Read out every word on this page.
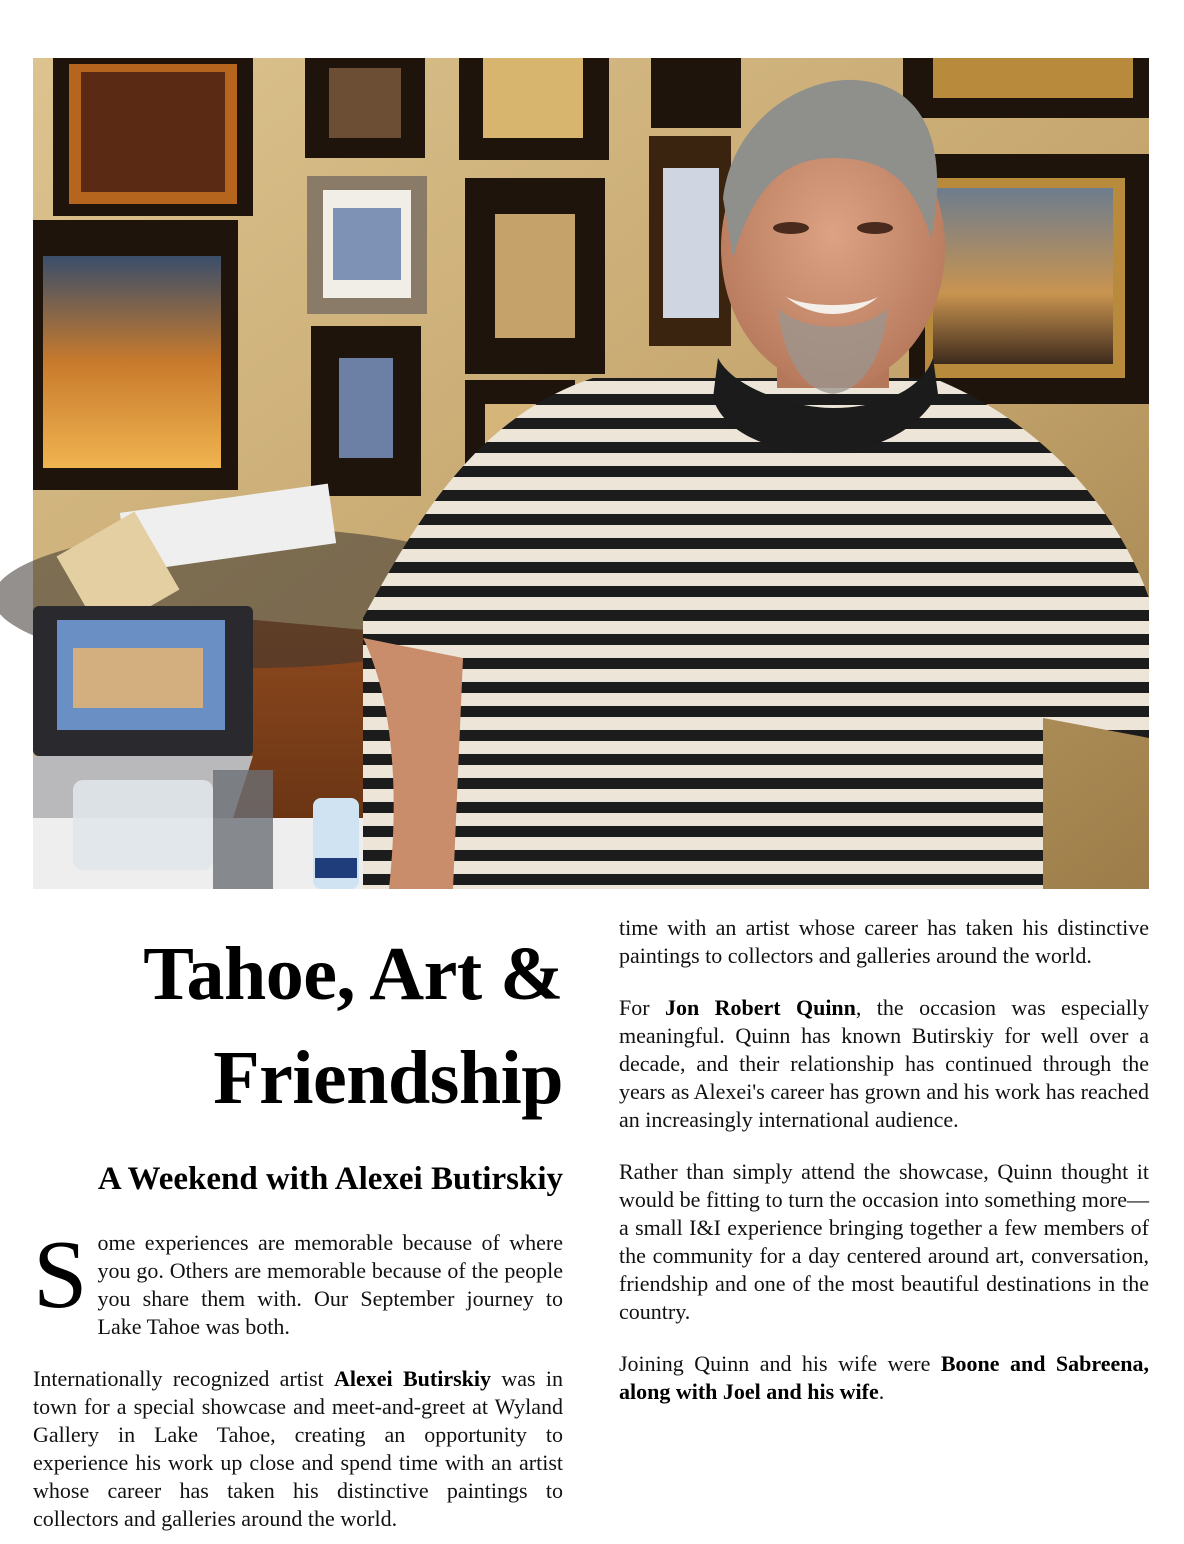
Tahoe, Art &
Friendship
A Weekend with Alexei Butirskiy

Some experiences are memorable because of where you go. Others are memorable because of the people you share them with. Our September journey to Lake Tahoe was both.

Internationally recognized artist Alexei Butirskiy was in town for a special showcase and meet-and-greet at Wyland Gallery in Lake Tahoe, creating an opportunity to experience his work up close and spend time with an artist whose career has taken his distinctive paintings to collectors and galleries around the world.

time with an artist whose career has taken his distinctive paintings to collectors and galleries around the world.

For Jon Robert Quinn, the occasion was especially meaningful. Quinn has known Butirskiy for well over a decade, and their relationship has continued through the years as Alexei's career has grown and his work has reached an increasingly international audience.

Rather than simply attend the showcase, Quinn thought it would be fitting to turn the occasion into something more—a small I&I experience bringing together a few members of the community for a day centered around art, conversation, friendship and one of the most beautiful destinations in the country.

Joining Quinn and his wife were Boone and Sabreena, along with Joel and his wife.
